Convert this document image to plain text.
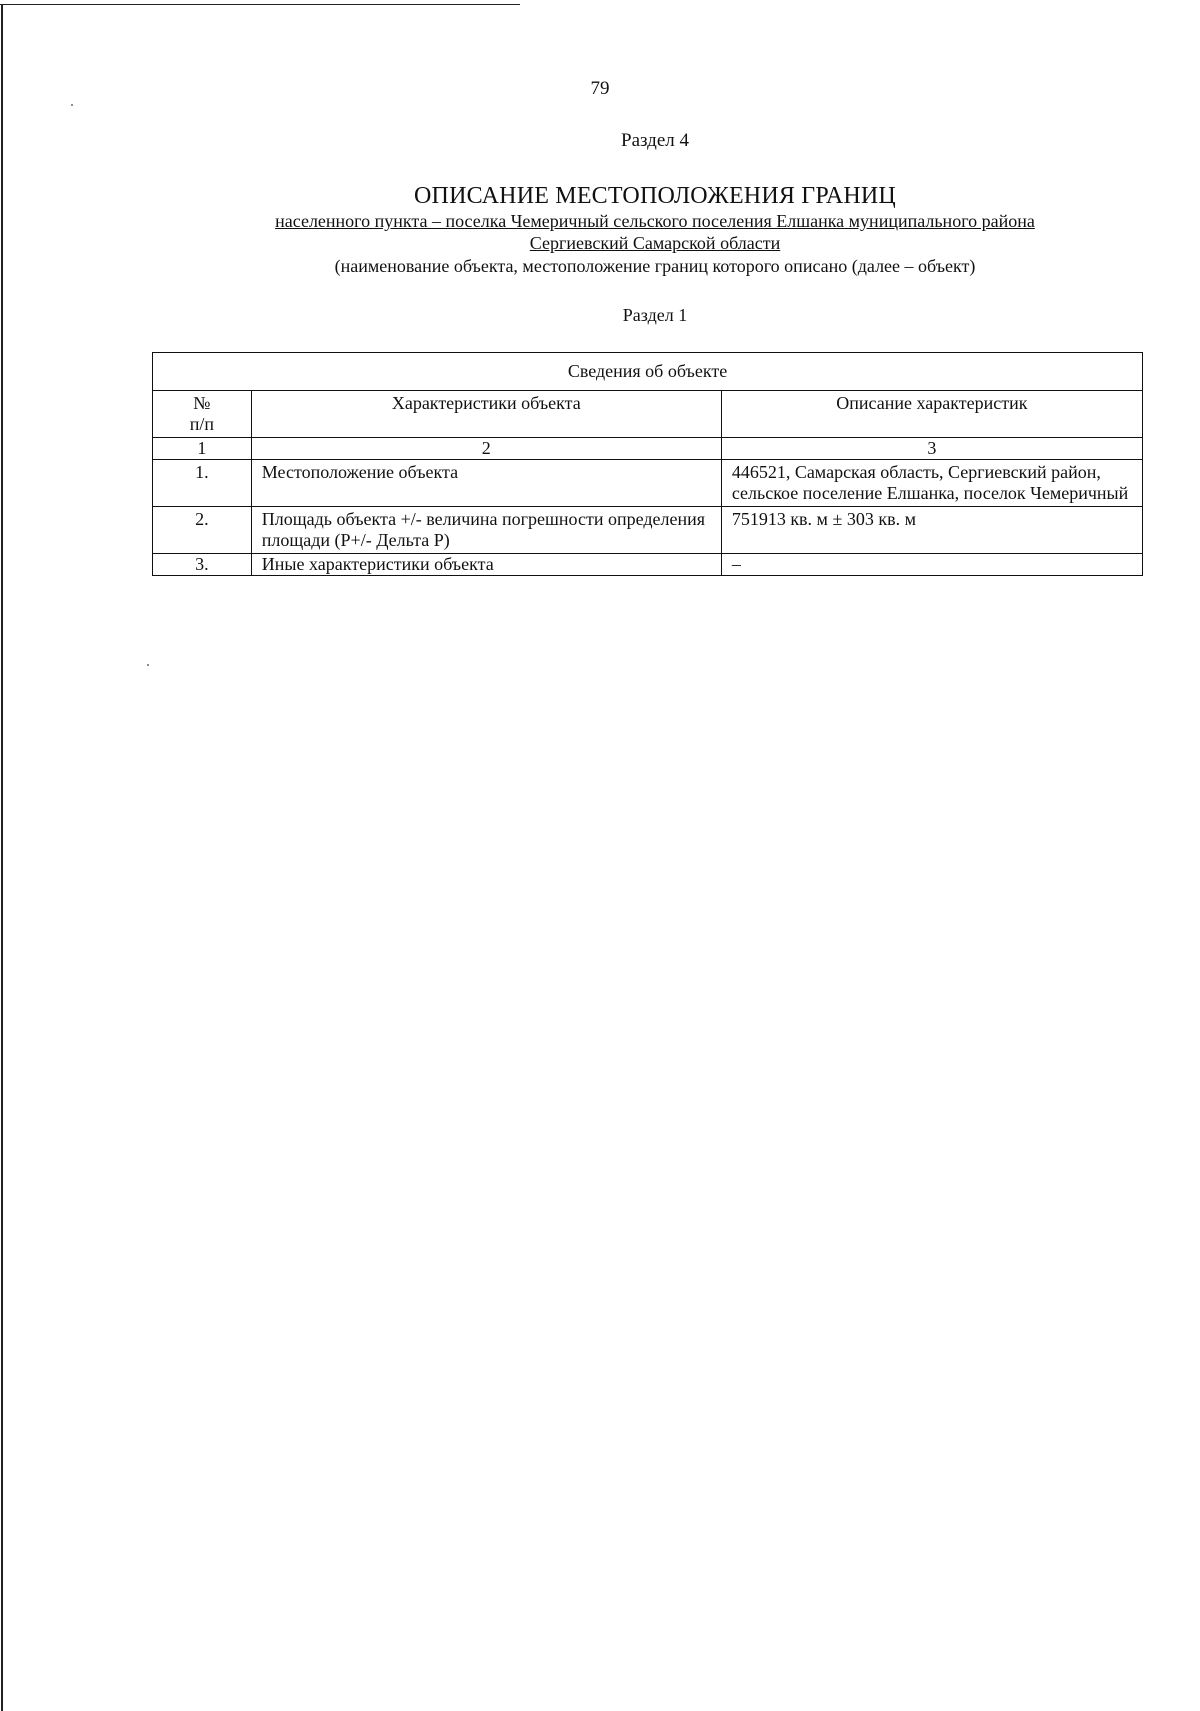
79
Раздел 4
ОПИСАНИЕ МЕСТОПОЛОЖЕНИЯ ГРАНИЦ
населенного пункта – поселка Чемеричный сельского поселения Елшанка муниципального района
Сергиевский Самарской области
(наименование объекта, местоположение границ которого описано (далее – объект)
Раздел 1
Сведения об объекте		

№
п/п	Характеристики объекта	Описание характеристик
1	2	3
1.	Местоположение объекта	446521, Самарская область, Сергиевский район, сельское поселение Елшанка, поселок Чемеричный
2.	Площадь объекта +/- величина погрешности определения площади (Р+/- Дельта Р)	751913 кв. м ± 303 кв. м
3.	Иные характеристики объекта	–
